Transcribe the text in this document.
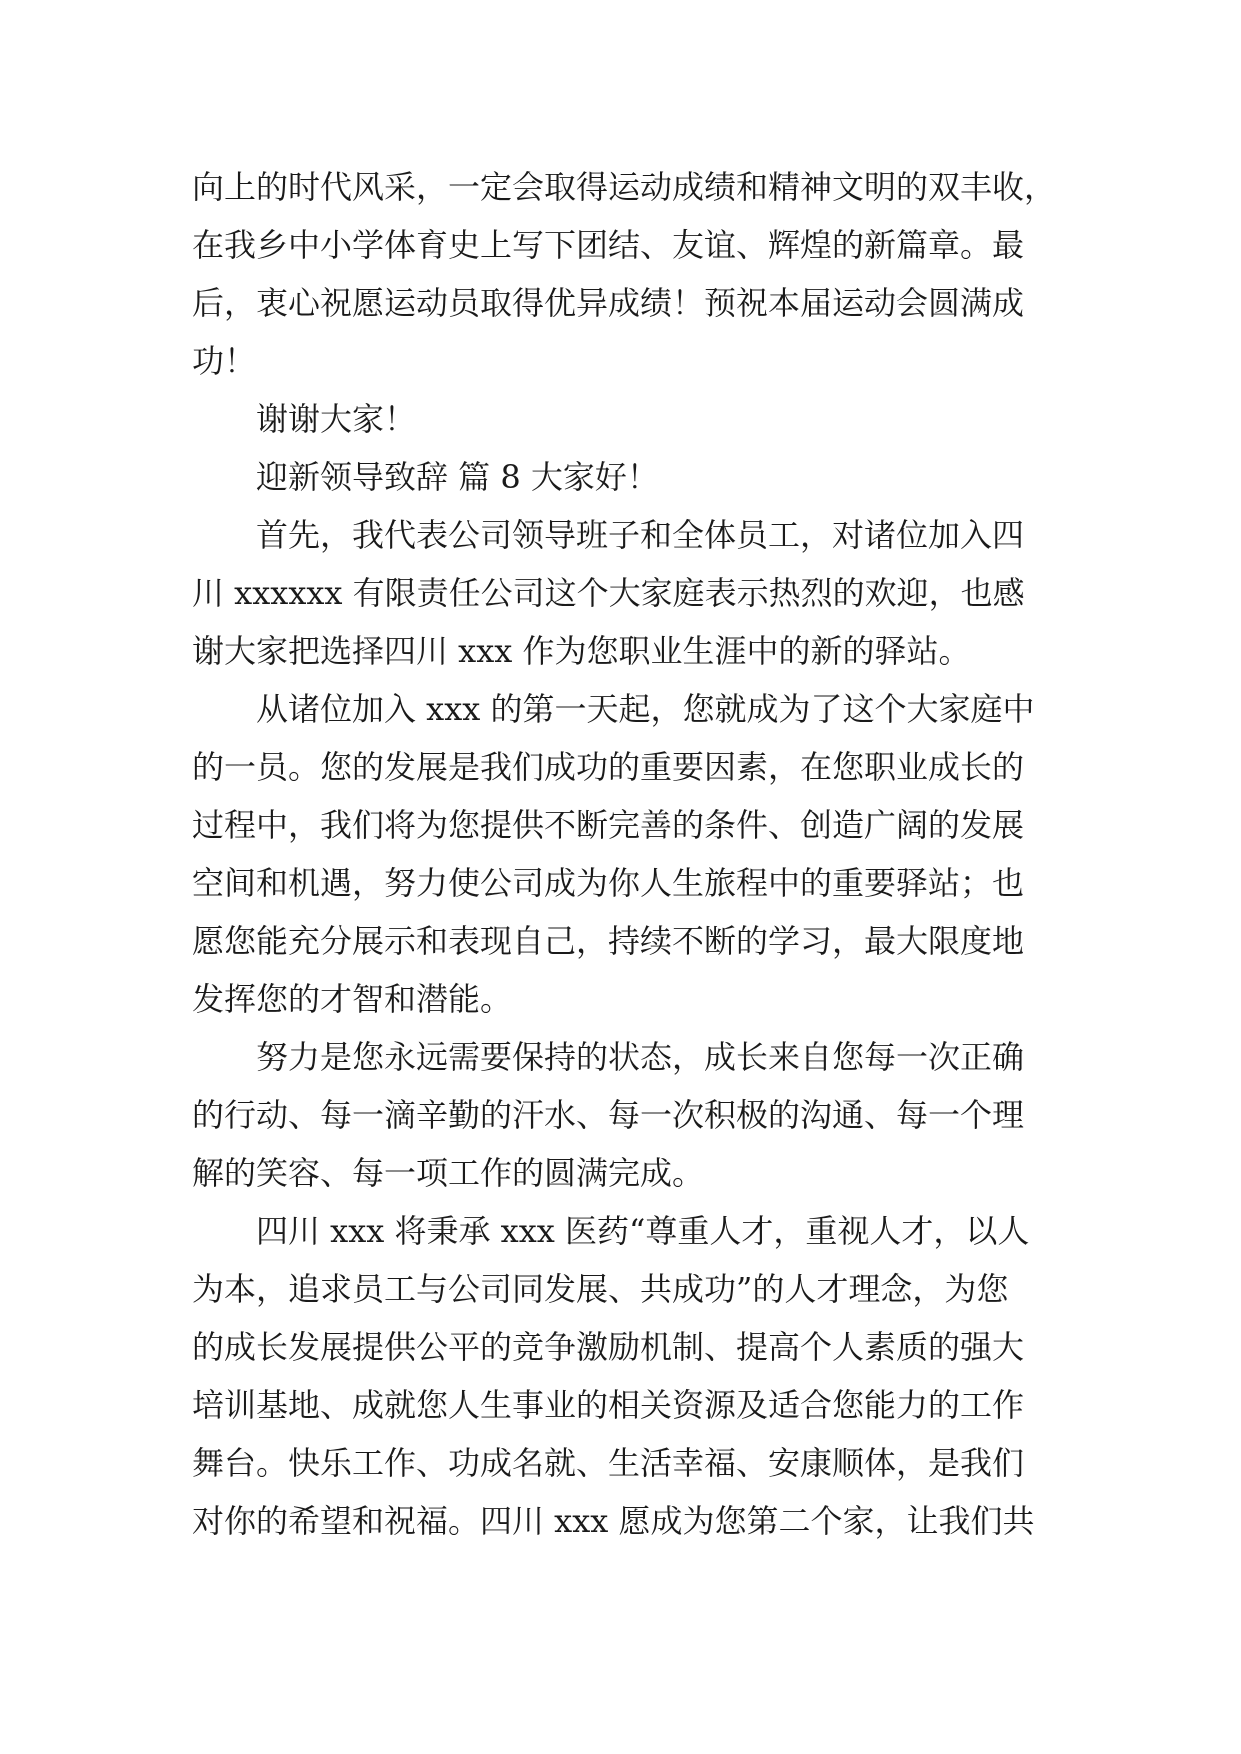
向上的时代风采，一定会取得运动成绩和精神文明的双丰收，
在我乡中小学体育史上写下团结、友谊、辉煌的新篇章。最
后，衷心祝愿运动员取得优异成绩！预祝本届运动会圆满成
功！
谢谢大家！
迎新领导致辞 篇 8 大家好！
首先，我代表公司领导班子和全体员工，对诸位加入四
川 xxxxxx 有限责任公司这个大家庭表示热烈的欢迎，也感
谢大家把选择四川 xxx 作为您职业生涯中的新的驿站。
从诸位加入 xxx 的第一天起，您就成为了这个大家庭中
的一员。您的发展是我们成功的重要因素，在您职业成长的
过程中，我们将为您提供不断完善的条件、创造广阔的发展
空间和机遇，努力使公司成为你人生旅程中的重要驿站；也
愿您能充分展示和表现自己，持续不断的学习，最大限度地
发挥您的才智和潜能。
努力是您永远需要保持的状态，成长来自您每一次正确
的行动、每一滴辛勤的汗水、每一次积极的沟通、每一个理
解的笑容、每一项工作的圆满完成。
四川 xxx 将秉承 xxx 医药“尊重人才，重视人才，以人
为本，追求员工与公司同发展、共成功”的人才理念，为您
的成长发展提供公平的竞争激励机制、提高个人素质的强大
培训基地、成就您人生事业的相关资源及适合您能力的工作
舞台。快乐工作、功成名就、生活幸福、安康顺体，是我们
对你的希望和祝福。四川 xxx 愿成为您第二个家，让我们共
